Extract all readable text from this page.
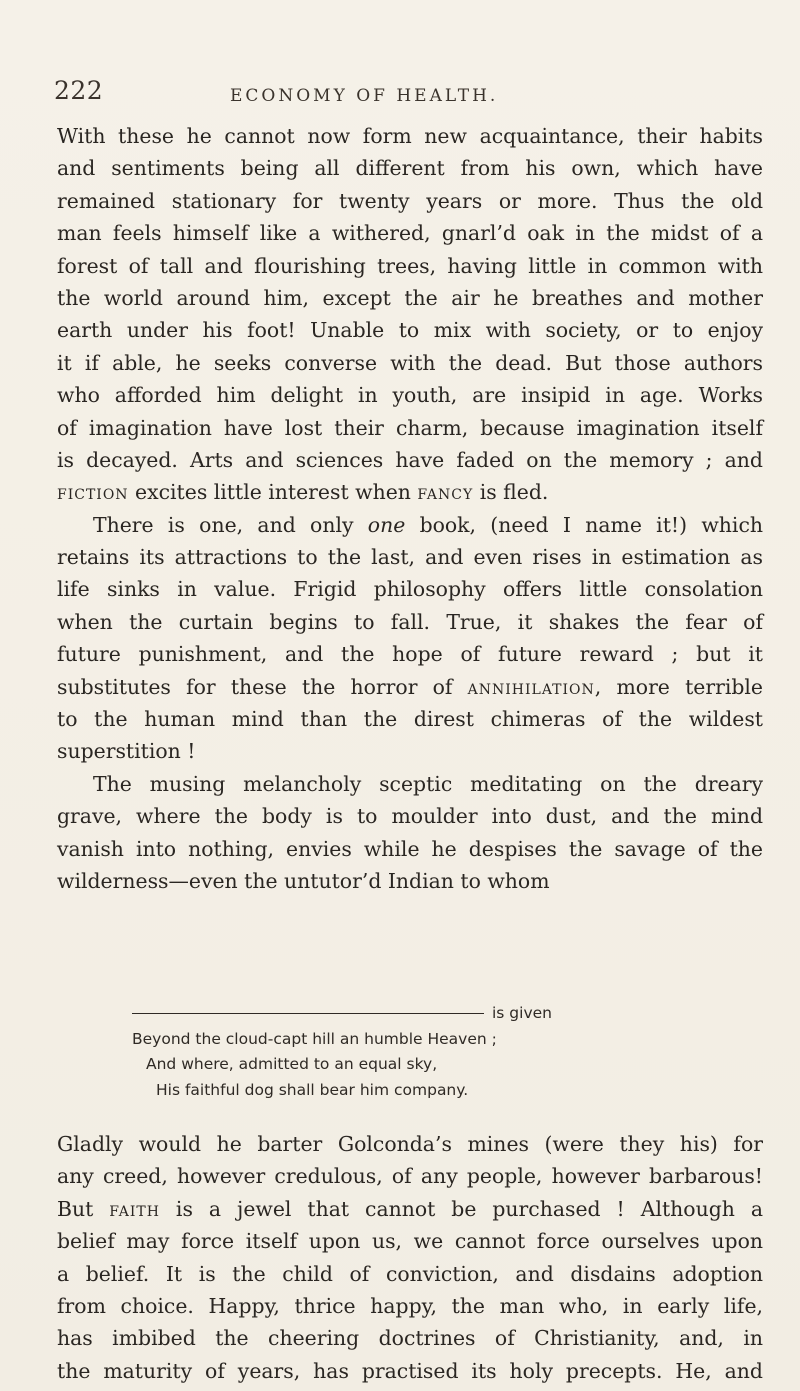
222	ECONOMY OF HEALTH.
With these he cannot now form new acquaintance, their habits
and sentiments being all different from his own, which have
remained stationary for twenty years or more. Thus the old
man feels himself like a withered, gnarl’d oak in the midst of a
forest of tall and flourishing trees, having little in common with
the world around him, except the air he breathes and mother
earth under his foot! Unable to mix with society, or to enjoy
it if able, he seeks converse with the dead. But those authors
who afforded him delight in youth, are insipid in age. Works
of imagination have lost their charm, because imagination itself
is decayed. Arts and sciences have faded on the memory ; and
fiction excites little interest when fancy is fled.
There is one, and only one book, (need I name it!) which
retains its attractions to the last, and even rises in estimation as
life sinks in value. Frigid philosophy offers little consolation
when the curtain begins to fall. True, it shakes the fear of
future punishment, and the hope of future reward ; but it
substitutes for these the horror of annihilation, more terrible
to the human mind than the direst chimeras of the wildest
superstition !
The musing melancholy sceptic meditating on the dreary
grave, where the body is to moulder into dust, and the mind
vanish into nothing, envies while he despises the savage of the
wilderness—even the untutor’d Indian to whom
is given
Beyond the cloud-capt hill an humble Heaven ;
And where, admitted to an equal sky,
His faithful dog shall bear him company.
Gladly would he barter Golconda’s mines (were they his) for
any creed, however credulous, of any people, however barbarous!
But faith is a jewel that cannot be purchased ! Although a
belief may force itself upon us, we cannot force ourselves upon
a belief. It is the child of conviction, and disdains adoption
from choice. Happy, thrice happy, the man who, in early life,
has imbibed the cheering doctrines of Christianity, and, in
the maturity of years, has practised its holy precepts. He, and
